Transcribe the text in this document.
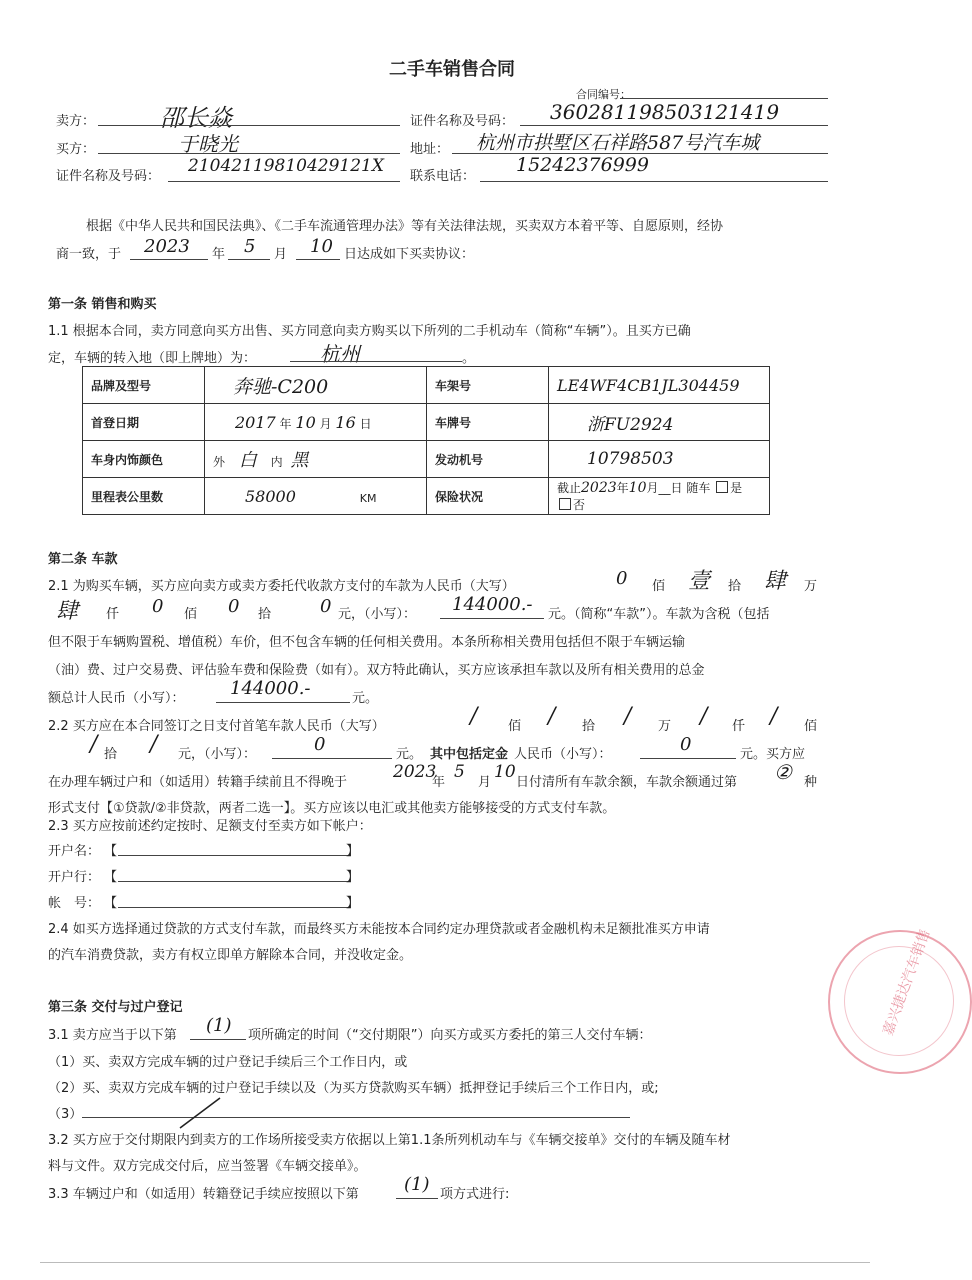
二手车销售合同
合同编号：
卖方：	邵长焱	证件名称及号码： 360281198503121419
买方：	于晓光	地址： 杭州市拱墅区石祥路587号汽车城
证件名称及号码：
21042119810429121X
联系电话：
15242376999
根据《中华人民共和国民法典》、《二手车流通管理办法》等有关法律法规，买卖双方本着平等、自愿原则，经协
商一致，于 2023 年 5 月 10 日达成如下买卖协议：
第一条 销售和购买
1.1 根据本合同，卖方同意向买方出售、买方同意向卖方购买以下所列的二手机动车（简称“车辆”）。且买方已确
定，车辆的转入地（即上牌地）为：	杭州	。
品牌及型号	奔驰-C200	车架号	LE4WF4CB1JL304459
首登日期	2017 年 10 月 16 日	车牌号	浙FU2924
车身内饰颜色	外 白 内 黑	发动机号	10798503
里程表公里数	58000 KM	保险状况	截止2023年10月__日 随车 是 否
第二条 车款
2.1 为购买车辆，买方应向卖方或卖方委托代收款方支付的车款为人民币（大写）	0 佰 壹 拾 肆 万
肆 仟 0 佰 0 拾	0 元，（小写）： 144000.- 元。（简称“车款”）。车款为含税（包括
但不限于车辆购置税、增值税）车价，但不包含车辆的任何相关费用。本条所称相关费用包括但不限于车辆运输
（油）费、过户交易费、评估验车费和保险费（如有）。双方特此确认，买方应该承担车款以及所有相关费用的总金
额总计人民币（小写）：	144000.-	元。
2.2 买方应在本合同签订之日支付首笔车款人民币（大写）	/ 佰 / 拾 / 万 / 仟 / 佰
/ 拾 / 元，（小写）：	0	元。 其中包括定金 人民币（小写）：	0	元。买方应
在办理车辆过户和（如适用）转籍手续前且不得晚于
2023
年
5
月
10
日付清所有车款余额，车款余额通过第 ② 种
形式支付【①贷款/②非贷款，两者二选一】。买方应该以电汇或其他卖方能够接受的方式支付车款。
2.3 买方应按前述约定按时、足额支付至卖方如下帐户：
开户名： 【	】
开户行： 【	】
帐　号： 【	】
2.4 如买方选择通过贷款的方式支付车款，而最终买方未能按本合同约定办理贷款或者金融机构未足额批准买方申请
的汽车消费贷款，卖方有权立即单方解除本合同，并没收定金。
第三条 交付与过户登记
3.1 卖方应当于以下第 (1) 项所确定的时间（“交付期限”）向买方或买方委托的第三人交付车辆：
（1）买、卖双方完成车辆的过户登记手续后三个工作日内，或
（2）买、卖双方完成车辆的过户登记手续以及（为买方贷款购买车辆）抵押登记手续后三个工作日内，或;
（3）
3.2 买方应于交付期限内到卖方的工作场所接受卖方依据以上第1.1条所列机动车与《车辆交接单》交付的车辆及随车材
料与文件。双方完成交付后，应当签署《车辆交接单》。
3.3 车辆过户和（如适用）转籍登记手续应按照以下第	(1) 项方式进行:
嘉兴捷达汽车销售
